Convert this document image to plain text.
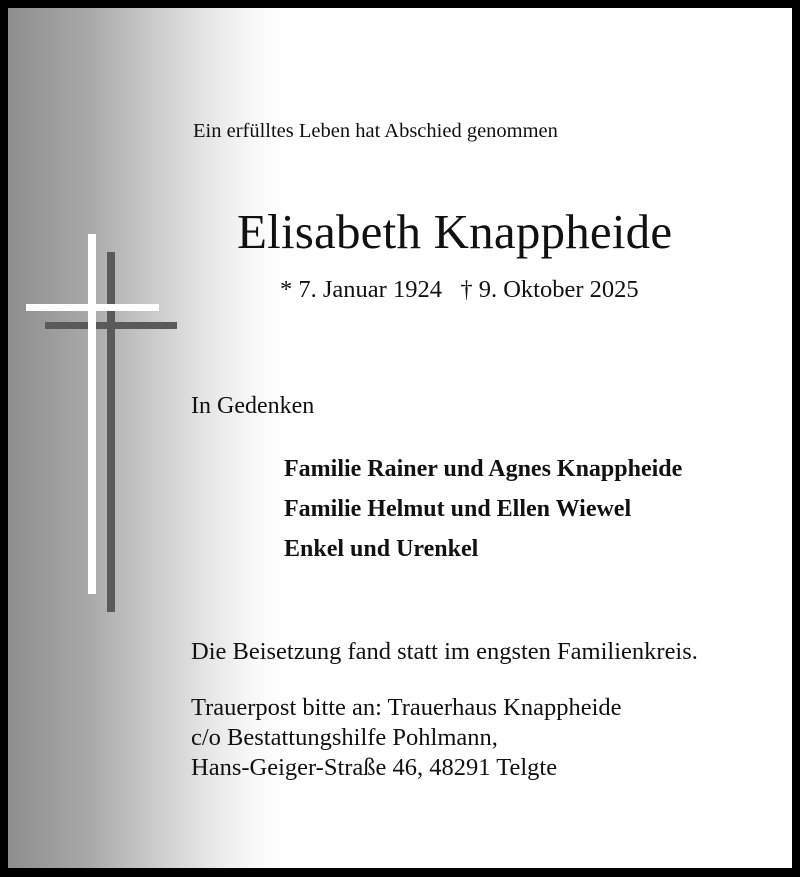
Ein erfülltes Leben hat Abschied genommen
Elisabeth Knappheide
* 7. Januar 1924   † 9. Oktober 2025
In Gedenken
Familie Rainer und Agnes Knappheide
Familie Helmut und Ellen Wiewel
Enkel und Urenkel
Die Beisetzung fand statt im engsten Familienkreis.
Trauerpost bitte an: Trauerhaus Knappheide
c/o Bestattungshilfe Pohlmann,
Hans-Geiger-Straße 46, 48291 Telgte
